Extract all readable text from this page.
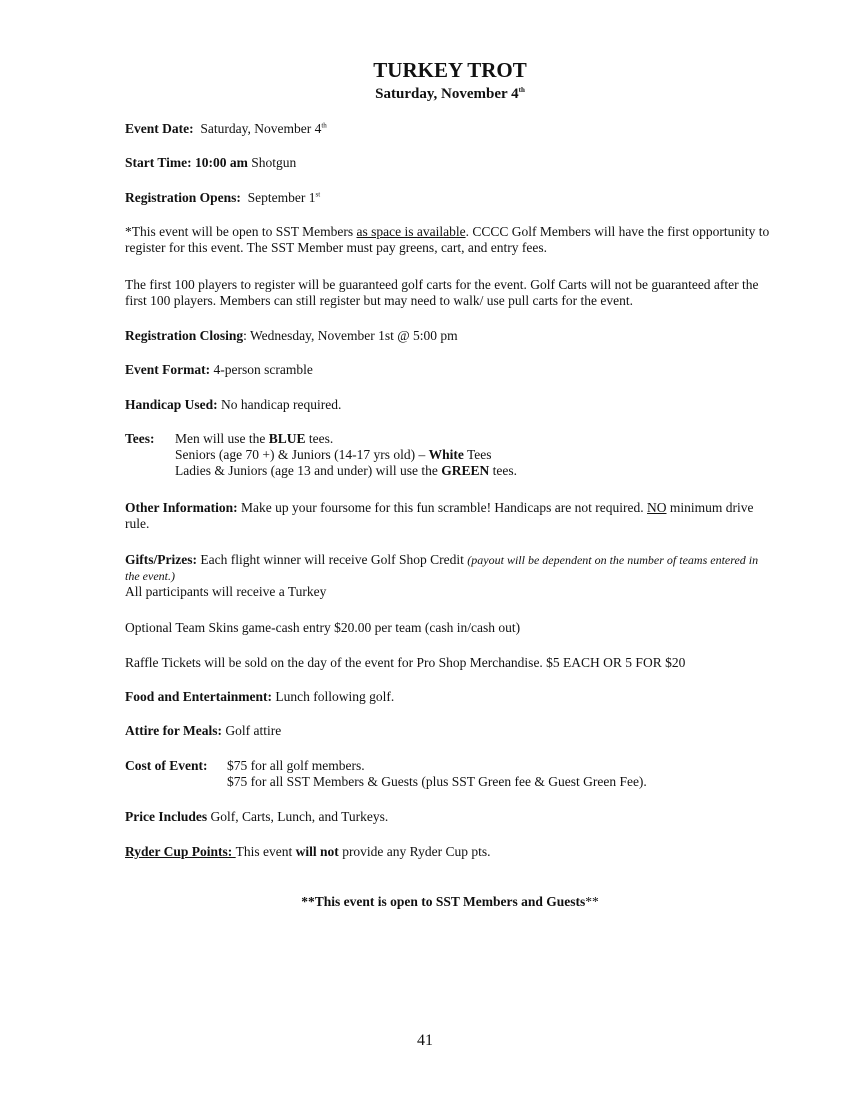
TURKEY TROT
Saturday, November 4th
Event Date: Saturday, November 4th
Start Time: 10:00 am Shotgun
Registration Opens: September 1st
*This event will be open to SST Members as space is available. CCCC Golf Members will have the first opportunity to register for this event. The SST Member must pay greens, cart, and entry fees.
The first 100 players to register will be guaranteed golf carts for the event. Golf Carts will not be guaranteed after the first 100 players. Members can still register but may need to walk/ use pull carts for the event.
Registration Closing: Wednesday, November 1st @ 5:00 pm
Event Format: 4-person scramble
Handicap Used: No handicap required.
Tees: Men will use the BLUE tees.
Seniors (age 70 +) & Juniors (14-17 yrs old) – White Tees
Ladies & Juniors (age 13 and under) will use the GREEN tees.
Other Information: Make up your foursome for this fun scramble! Handicaps are not required. NO minimum drive rule.
Gifts/Prizes: Each flight winner will receive Golf Shop Credit (payout will be dependent on the number of teams entered in the event.)
All participants will receive a Turkey
Optional Team Skins game-cash entry $20.00 per team (cash in/cash out)
Raffle Tickets will be sold on the day of the event for Pro Shop Merchandise. $5 EACH OR 5 FOR $20
Food and Entertainment: Lunch following golf.
Attire for Meals: Golf attire
Cost of Event: $75 for all golf members.
$75 for all SST Members & Guests (plus SST Green fee & Guest Green Fee).
Price Includes Golf, Carts, Lunch, and Turkeys.
Ryder Cup Points: This event will not provide any Ryder Cup pts.
**This event is open to SST Members and Guests**
41
